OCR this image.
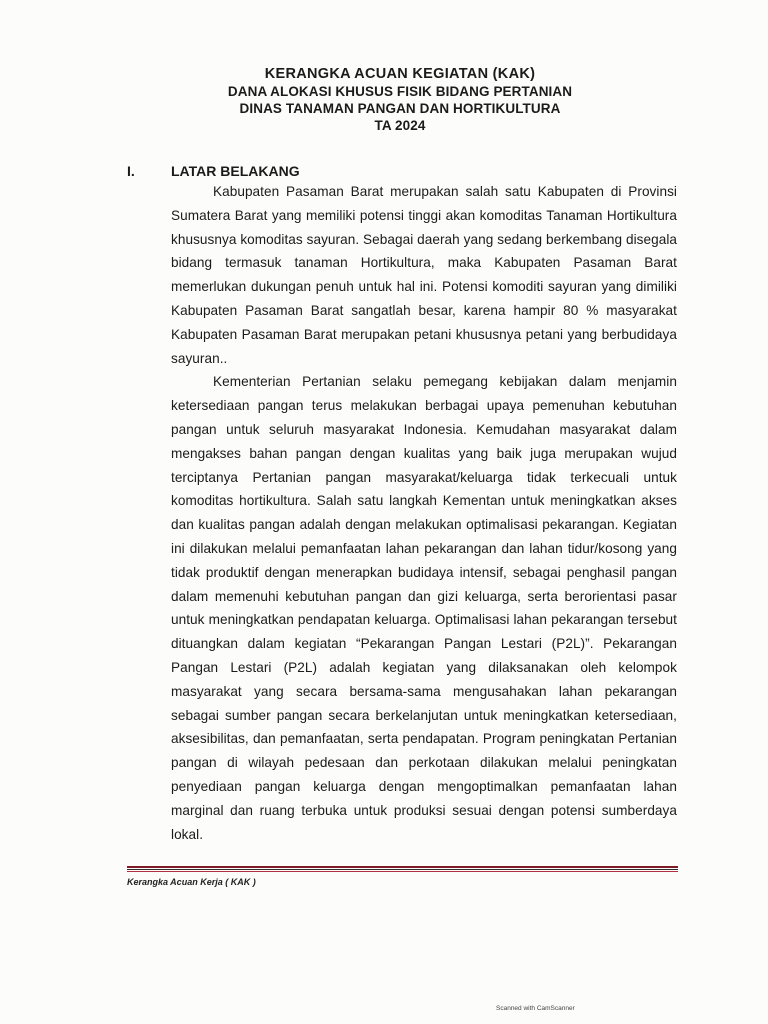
KERANGKA ACUAN KEGIATAN (KAK)
DANA ALOKASI KHUSUS FISIK BIDANG PERTANIAN
DINAS TANAMAN PANGAN DAN HORTIKULTURA
TA 2024
I.	LATAR BELAKANG

Kabupaten Pasaman Barat merupakan salah satu Kabupaten di Provinsi Sumatera Barat yang memiliki potensi tinggi akan komoditas Tanaman Hortikultura khususnya komoditas sayuran. Sebagai daerah yang sedang berkembang disegala bidang termasuk tanaman Hortikultura, maka Kabupaten Pasaman Barat memerlukan dukungan penuh untuk hal ini. Potensi komoditi sayuran yang dimiliki Kabupaten Pasaman Barat sangatlah besar, karena hampir 80 % masyarakat Kabupaten Pasaman Barat merupakan petani khususnya petani yang berbudidaya sayuran..

Kementerian Pertanian selaku pemegang kebijakan dalam menjamin ketersediaan pangan terus melakukan berbagai upaya pemenuhan kebutuhan pangan untuk seluruh masyarakat Indonesia. Kemudahan masyarakat dalam mengakses bahan pangan dengan kualitas yang baik juga merupakan wujud terciptanya Pertanian pangan masyarakat/keluarga tidak terkecuali untuk komoditas hortikultura. Salah satu langkah Kementan untuk meningkatkan akses dan kualitas pangan adalah dengan melakukan optimalisasi pekarangan. Kegiatan ini dilakukan melalui pemanfaatan lahan pekarangan dan lahan tidur/kosong yang tidak produktif dengan menerapkan budidaya intensif, sebagai penghasil pangan dalam memenuhi kebutuhan pangan dan gizi keluarga, serta berorientasi pasar untuk meningkatkan pendapatan keluarga. Optimalisasi lahan pekarangan tersebut dituangkan dalam kegiatan “Pekarangan Pangan Lestari (P2L)”. Pekarangan Pangan Lestari (P2L) adalah kegiatan yang dilaksanakan oleh kelompok masyarakat yang secara bersama-sama mengusahakan lahan pekarangan sebagai sumber pangan secara berkelanjutan untuk meningkatkan ketersediaan, aksesibilitas, dan pemanfaatan, serta pendapatan. Program peningkatan Pertanian pangan di wilayah pedesaan dan perkotaan dilakukan melalui peningkatan penyediaan pangan keluarga dengan mengoptimalkan pemanfaatan lahan marginal dan ruang terbuka untuk produksi sesuai dengan potensi sumberdaya lokal.

Kerangka Acuan Kerja ( KAK )
Scanned with CamScanner
